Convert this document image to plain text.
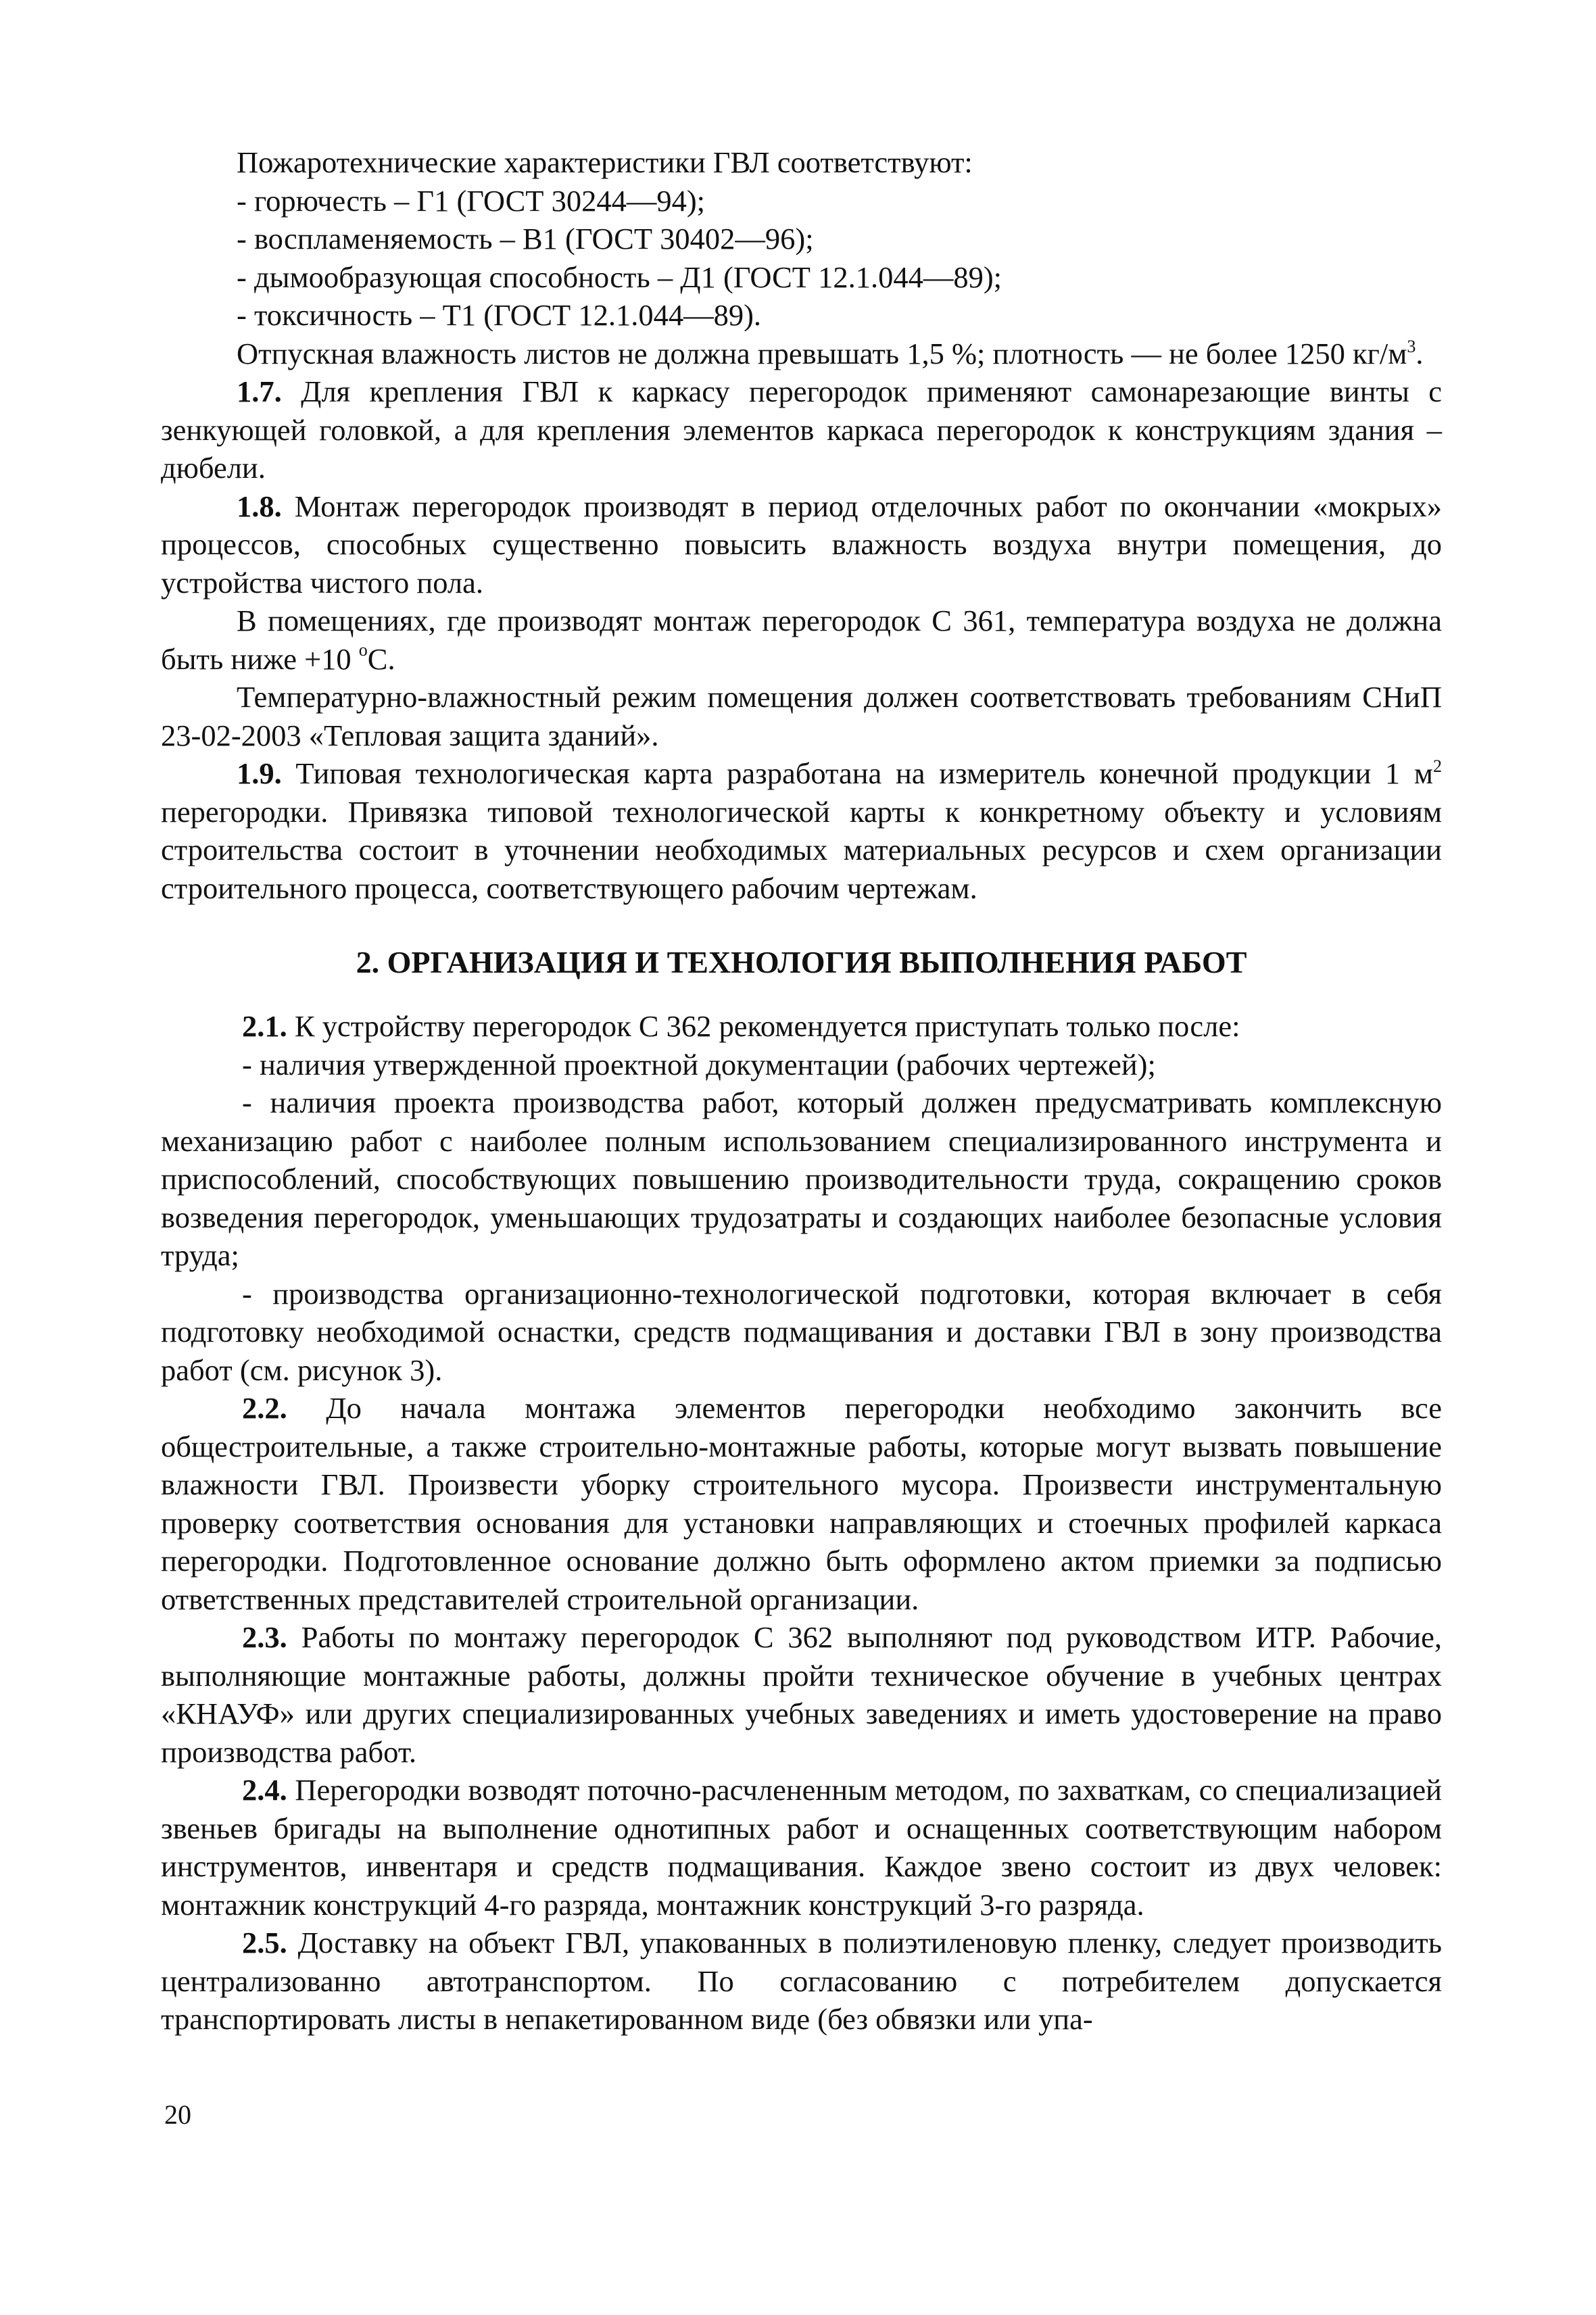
Пожаротехнические характеристики ГВЛ соответствуют:

- горючесть – Г1 (ГОСТ 30244—94);

- воспламеняемость – В1 (ГОСТ 30402—96);

- дымообразующая способность – Д1 (ГОСТ 12.1.044—89);

- токсичность – Т1 (ГОСТ 12.1.044—89).

Отпускная влажность листов не должна превышать 1,5 %; плотность — не более 1250 $кг/м^3$.

1.7. Для крепления ГВЛ к каркасу перегородок применяют самонарезающие винты с зенкующей головкой, а для крепления элементов каркаса перегородок к конструкциям здания – дюбели.

1.8. Монтаж перегородок производят в период отделочных работ по окончании «мокрых» процессов, способных существенно повысить влажность воздуха внутри помещения, до устройства чистого пола.

В помещениях, где производят монтаж перегородок С 361, температура воздуха не должна быть ниже +10 $^o$С.

Температурно-влажностный режим помещения должен соответствовать требованиям СНиП 23-02-2003 «Тепловая защита зданий».

1.9. Типовая технологическая карта разработана на измеритель конечной продукции 1 $м^2$ перегородки. Привязка типовой технологической карты к конкретному объекту и условиям строительства состоит в уточнении необходимых материальных ресурсов и схем организации строительного процесса, соответствующего рабочим чертежам.

2. ОРГАНИЗАЦИЯ И ТЕХНОЛОГИЯ ВЫПОЛНЕНИЯ РАБОТ

2.1. К устройству перегородок С 362 рекомендуется приступать только после:

- наличия утвержденной проектной документации (рабочих чертежей);

- наличия проекта производства работ, который должен предусматривать комплексную механизацию работ с наиболее полным использованием специализированного инструмента и приспособлений, способствующих повышению производительности труда, сокращению сроков возведения перегородок, уменьшающих трудозатраты и создающих наиболее безопасные условия труда;

- производства организационно-технологической подготовки, которая включает в себя подготовку необходимой оснастки, средств подмащивания и доставки ГВЛ в зону производства работ (см. рисунок 3).

2.2. До начала монтажа элементов перегородки необходимо закончить все общестроительные, а также строительно-монтажные работы, которые могут вызвать повышение влажности ГВЛ. Произвести уборку строительного мусора. Произвести инструментальную проверку соответствия основания для установки направляющих и стоечных профилей каркаса перегородки. Подготовленное основание должно быть оформлено актом приемки за подписью ответственных представителей строительной организации.

2.3. Работы по монтажу перегородок С 362 выполняют под руководством ИТР. Рабочие, выполняющие монтажные работы, должны пройти техническое обучение в учебных центрах «КНАУФ» или других специализированных учебных заведениях и иметь удостоверение на право производства работ.

2.4. Перегородки возводят поточно-расчлененным методом, по захваткам, со специализацией звеньев бригады на выполнение однотипных работ и оснащенных соответствующим набором инструментов, инвентаря и средств подмащивания. Каждое звено состоит из двух человек: монтажник конструкций 4-го разряда, монтажник конструкций 3-го разряда.

2.5. Доставку на объект ГВЛ, упакованных в полиэтиленовую пленку, следует производить централизованно автотранспортом. По согласованию с потребителем допускается транспортировать листы в непакетированном виде (без обвязки или упа-

20
